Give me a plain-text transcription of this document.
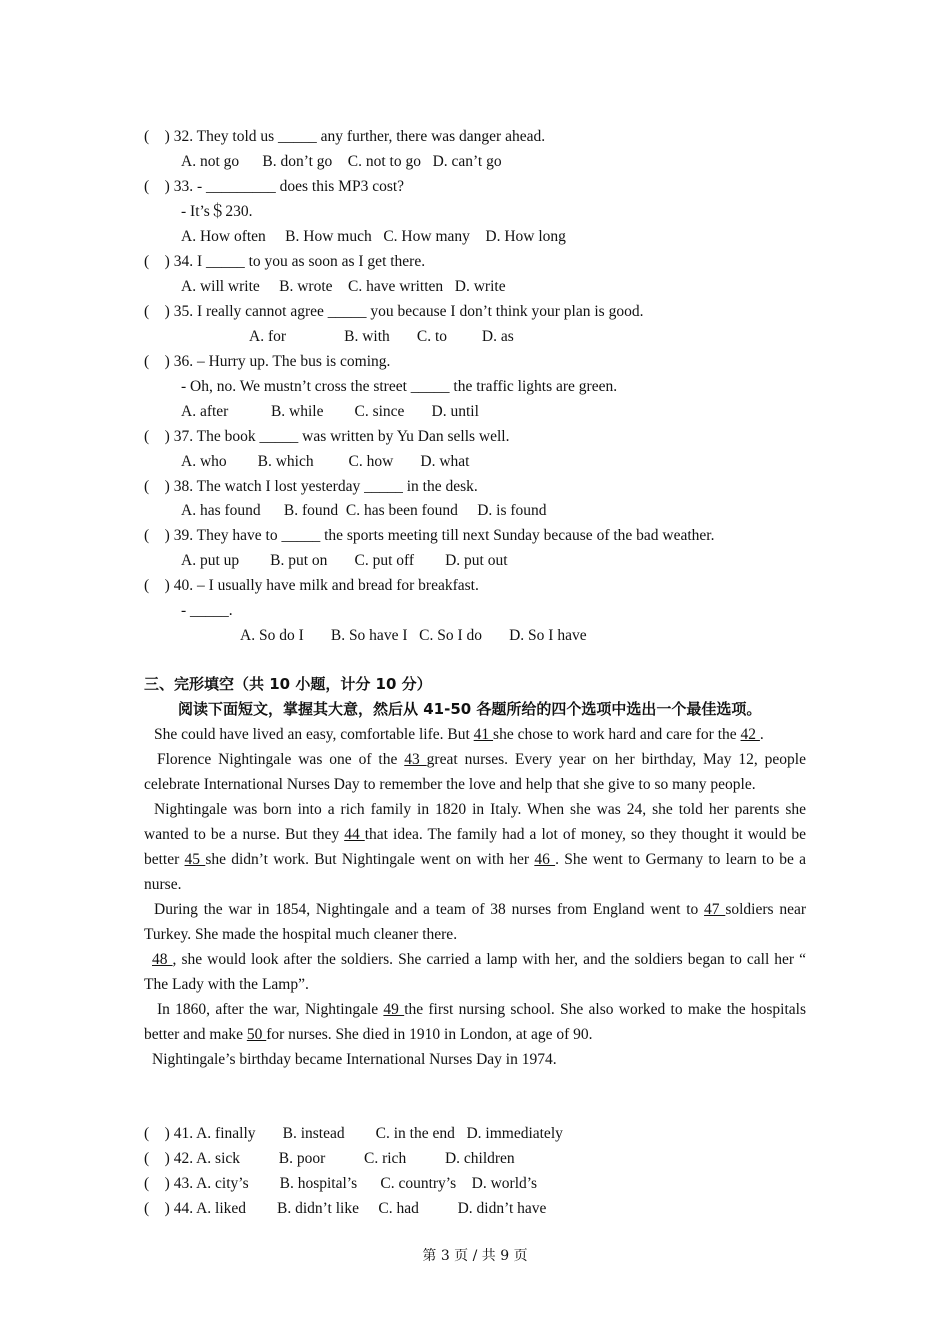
(    ) 32. They told us _____ any further, there was danger ahead.
A. not go      B. don’t go    C. not to go   D. can’t go
(    ) 33. - _________ does this MP3 cost?
- It’s＄230.
A. How often     B. How much   C. How many    D. How long
(    ) 34. I _____ to you as soon as I get there.
A. will write     B. wrote    C. have written   D. write
(    ) 35. I really cannot agree _____ you because I don’t think your plan is good.
A. for               B. with       C. to         D. as
(    ) 36. – Hurry up. The bus is coming.
- Oh, no. We mustn’t cross the street _____ the traffic lights are green.
A. after           B. while        C. since       D. until
(    ) 37. The book _____ was written by Yu Dan sells well.
A. who        B. which         C. how       D. what
(    ) 38. The watch I lost yesterday _____ in the desk.
A. has found      B. found  C. has been found     D. is found
(    ) 39. They have to _____ the sports meeting till next Sunday because of the bad weather.
A. put up        B. put on       C. put off        D. put out
(    ) 40. – I usually have milk and bread for breakfast.
- _____.
A. So do I       B. So have I   C. So I do       D. So I have
三、完形填空（共 10 小题，计分 10 分）
阅读下面短文，掌握其大意，然后从 41-50 各题所给的四个选项中选出一个最佳选项。

She could have lived an easy, comfortable life. But 41 she chose to work hard and care for the 42 .

Florence Nightingale was one of the 43 great nurses. Every year on her birthday, May 12, people celebrate International Nurses Day to remember the love and help that she give to so many people.

Nightingale was born into a rich family in 1820 in Italy. When she was 24, she told her parents she wanted to be a nurse. But they 44 that idea. The family had a lot of money, so they thought it would be better 45 she didn’t work. But Nightingale went on with her 46 . She went to Germany to learn to be a nurse.

During the war in 1854, Nightingale and a team of 38 nurses from England went to 47 soldiers near Turkey. She made the hospital much cleaner there.

48 , she would look after the soldiers. She carried a lamp with her, and the soldiers began to call her “ The Lady with the Lamp”.

In 1860, after the war, Nightingale 49 the first nursing school. She also worked to make the hospitals better and make 50 for nurses. She died in 1910 in London, at age of 90.

Nightingale’s birthday became International Nurses Day in 1974.

(    ) 41. A. finally       B. instead        C. in the end   D. immediately
(    ) 42. A. sick          B. poor          C. rich          D. children
(    ) 43. A. city’s        B. hospital’s      C. country’s    D. world’s
(    ) 44. A. liked        B. didn’t like     C. had          D. didn’t have
第 3 页 / 共 9 页
